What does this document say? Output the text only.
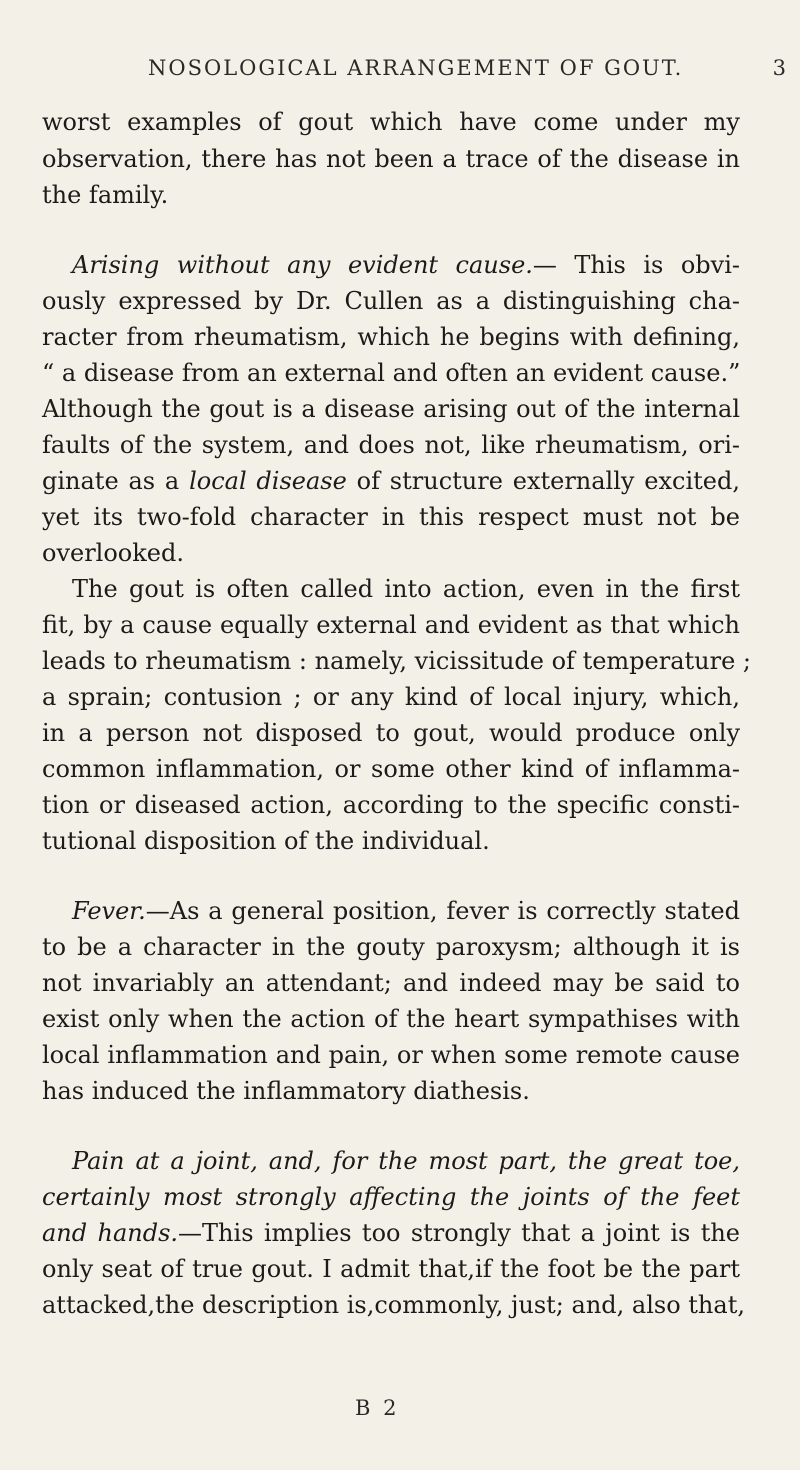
NOSOLOGICAL ARRANGEMENT OF GOUT.	3
worst examples of gout which have come under my
observation, there has not been a trace of the disease in
the family.
Arising without any evident cause.— This is obvi-
ously expressed by Dr. Cullen as a distinguishing cha-
racter from rheumatism, which he begins with defining,
“ a disease from an external and often an evident cause.”
Although the gout is a disease arising out of the internal
faults of the system, and does not, like rheumatism, ori-
ginate as a local disease of structure externally excited,
yet its two-fold character in this respect must not be
overlooked.
The gout is often called into action, even in the first
fit, by a cause equally external and evident as that which
leads to rheumatism : namely, vicissitude of temperature ;
a sprain; contusion ; or any kind of local injury, which,
in a person not disposed to gout, would produce only
common inflammation, or some other kind of inflamma-
tion or diseased action, according to the specific consti-
tutional disposition of the individual.
Fever.—As a general position, fever is correctly stated
to be a character in the gouty paroxysm; although it is
not invariably an attendant; and indeed may be said to
exist only when the action of the heart sympathises with
local inflammation and pain, or when some remote cause
has induced the inflammatory diathesis.
Pain at a joint, and, for the most part, the great toe,
certainly most strongly affecting the joints of the feet
and hands.—This implies too strongly that a joint is the
only seat of true gout. I admit that,if the foot be the part
attacked,the description is,commonly, just; and, also that,
B 2
